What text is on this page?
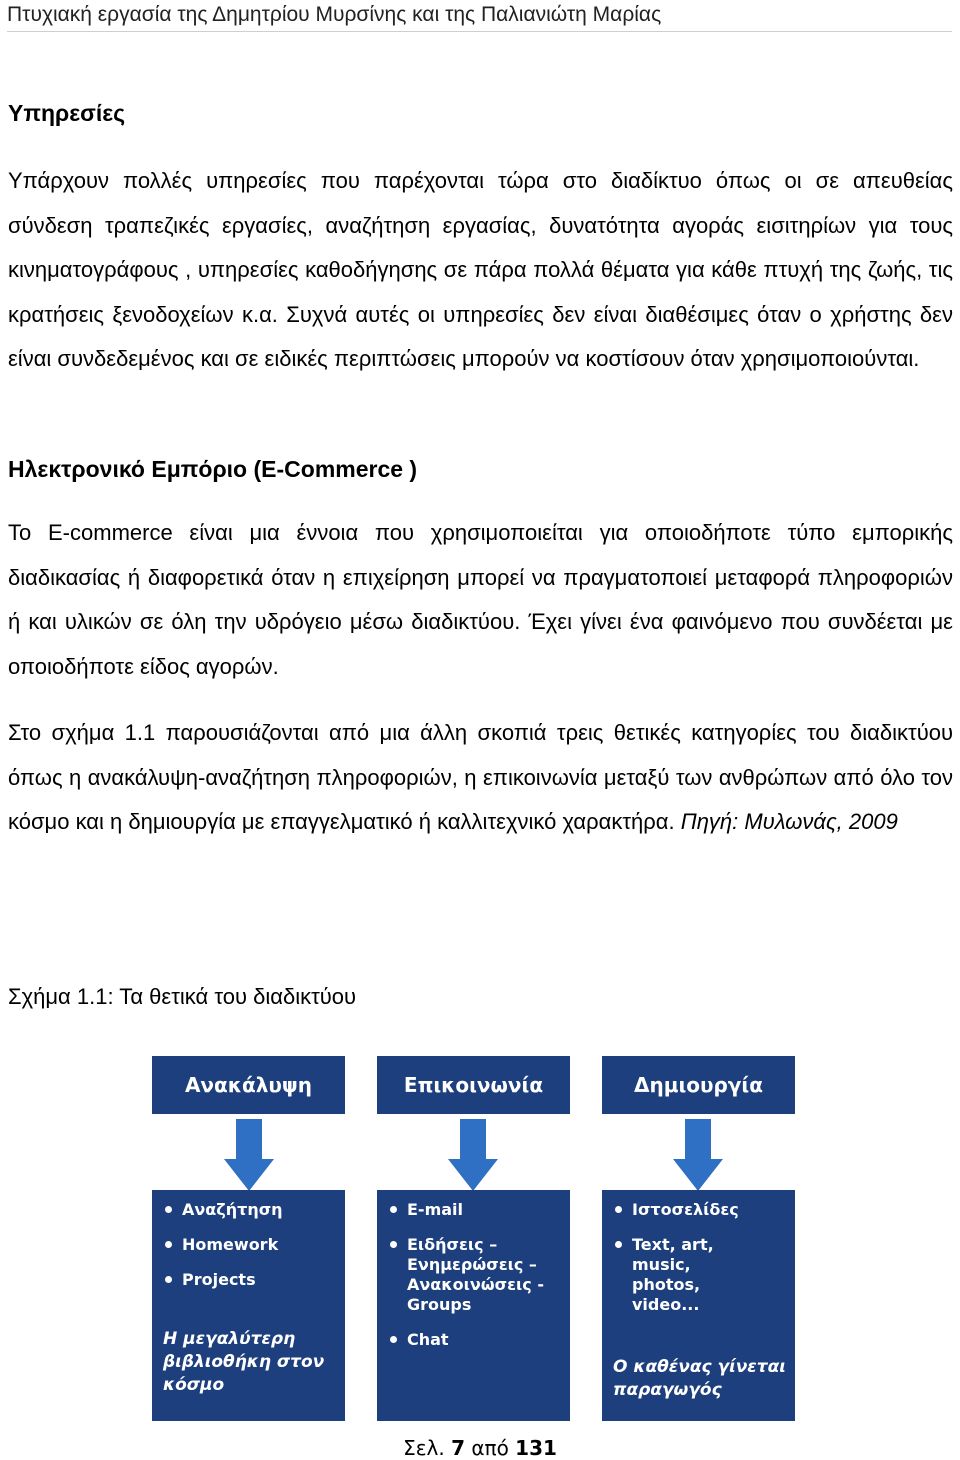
Πτυχιακή εργασία της Δημητρίου Μυρσίνης και της Παλιανιώτη Μαρίας
Υπηρεσίες

Υπάρχουν πολλές υπηρεσίες που παρέχονται τώρα στο διαδίκτυο όπως οι σε απευθείας σύνδεση τραπεζικές εργασίες, αναζήτηση εργασίας, δυνατότητα αγοράς εισιτηρίων για τους κινηματογράφους , υπηρεσίες καθοδήγησης σε πάρα πολλά θέματα για κάθε πτυχή της ζωής, τις κρατήσεις ξενοδοχείων κ.α. Συχνά αυτές οι υπηρεσίες δεν είναι διαθέσιμες όταν ο χρήστης δεν είναι συνδεδεμένος και σε ειδικές περιπτώσεις μπορούν να κοστίσουν όταν χρησιμοποιούνται.

Ηλεκτρονικό Εμπόριο (E-Commerce )

Το E-commerce είναι μια έννοια που χρησιμοποιείται για οποιοδήποτε τύπο εμπορικής διαδικασίας ή διαφορετικά όταν η επιχείρηση μπορεί να πραγματοποιεί μεταφορά πληροφοριών ή και υλικών σε όλη την υδρόγειο μέσω διαδικτύου. Έχει γίνει ένα φαινόμενο που συνδέεται με οποιοδήποτε είδος αγορών.

Στο σχήμα 1.1 παρουσιάζονται από μια άλλη σκοπιά τρεις θετικές κατηγορίες του διαδικτύου όπως η ανακάλυψη-αναζήτηση πληροφοριών, η επικοινωνία μεταξύ των ανθρώπων από όλο τον κόσμο και η δημιουργία με επαγγελματικό ή καλλιτεχνικό χαρακτήρα. Πηγή: Μυλωνάς, 2009

Σχήμα 1.1: Τα θετικά του διαδικτύου
Ανακάλυψη
Αναζήτηση
Homework
Projects
Η μεγαλύτερη βιβλιοθήκη στον κόσμο
Επικοινωνία
E-mail
Ειδήσεις – Ενημερώσεις – Ανακοινώσεις - Groups
Chat
Δημιουργία
Ιστοσελίδες
Text, art, music, photos, video...
Ο καθένας γίνεται παραγωγός
Σελ. 7 από 131
